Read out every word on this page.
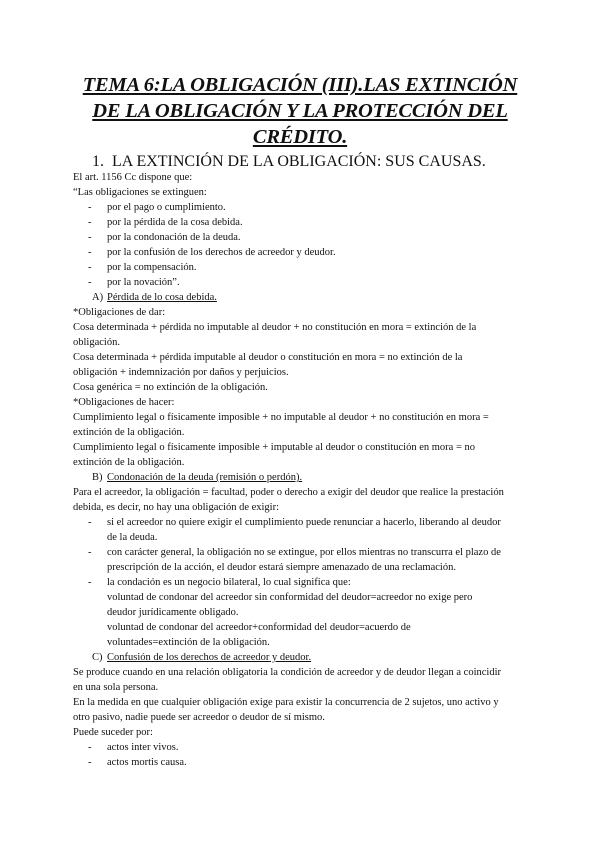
TEMA 6:LA OBLIGACIÓN (III).LAS EXTINCIÓN
DE LA OBLIGACIÓN Y LA PROTECCIÓN DEL
CRÉDITO.
1. LA EXTINCIÓN DE LA OBLIGACIÓN: SUS CAUSAS.
El art. 1156 Cc dispone que:
“Las obligaciones se extinguen:
- por el pago o cumplimiento.
- por la pérdida de la cosa debida.
- por la condonación de la deuda.
- por la confusión de los derechos de acreedor y deudor.
- por la compensación.
- por la novación”.
A) Pérdida de lo cosa debida.
*Obligaciones de dar:
Cosa determinada + pérdida no imputable al deudor + no constitución en mora = extinción de la
obligación.
Cosa determinada + pérdida imputable al deudor o constitución en mora = no extinción de la
obligación + indemnización por daños y perjuicios.
Cosa genérica = no extinción de la obligación.
*Obligaciones de hacer:
Cumplimiento legal o físicamente imposible + no imputable al deudor + no constitución en mora =
extinción de la obligación.
Cumplimiento legal o físicamente imposible + imputable al deudor o constitución en mora = no
extinción de la obligación.
B) Condonación de la deuda (remisión o perdón).
Para el acreedor, la obligación = facultad, poder o derecho a exigir del deudor que realice la prestación
debida, es decir, no hay una obligación de exigir:
- si el acreedor no quiere exigir el cumplimiento puede renunciar a hacerlo, liberando al deudor
de la deuda.
- con carácter general, la obligación no se extingue, por ellos mientras no transcurra el plazo de
prescripción de la acción, el deudor estará siempre amenazado de una reclamación.
- la condación es un negocio bilateral, lo cual significa que:
voluntad de condonar del acreedor sin conformidad del deudor=acreedor no exige pero
deudor jurídicamente obligado.
voluntad de condonar del acreedor+conformidad del deudor=acuerdo de
voluntades=extinción de la obligación.
C) Confusión de los derechos de acreedor y deudor.
Se produce cuando en una relación obligatoria la condición de acreedor y de deudor llegan a coincidir
en una sola persona.
En la medida en que cualquier obligación exige para existir la concurrencia de 2 sujetos, uno activo y
otro pasivo, nadie puede ser acreedor o deudor de sí mismo.
Puede suceder por:
- actos inter vivos.
- actos mortis causa.
